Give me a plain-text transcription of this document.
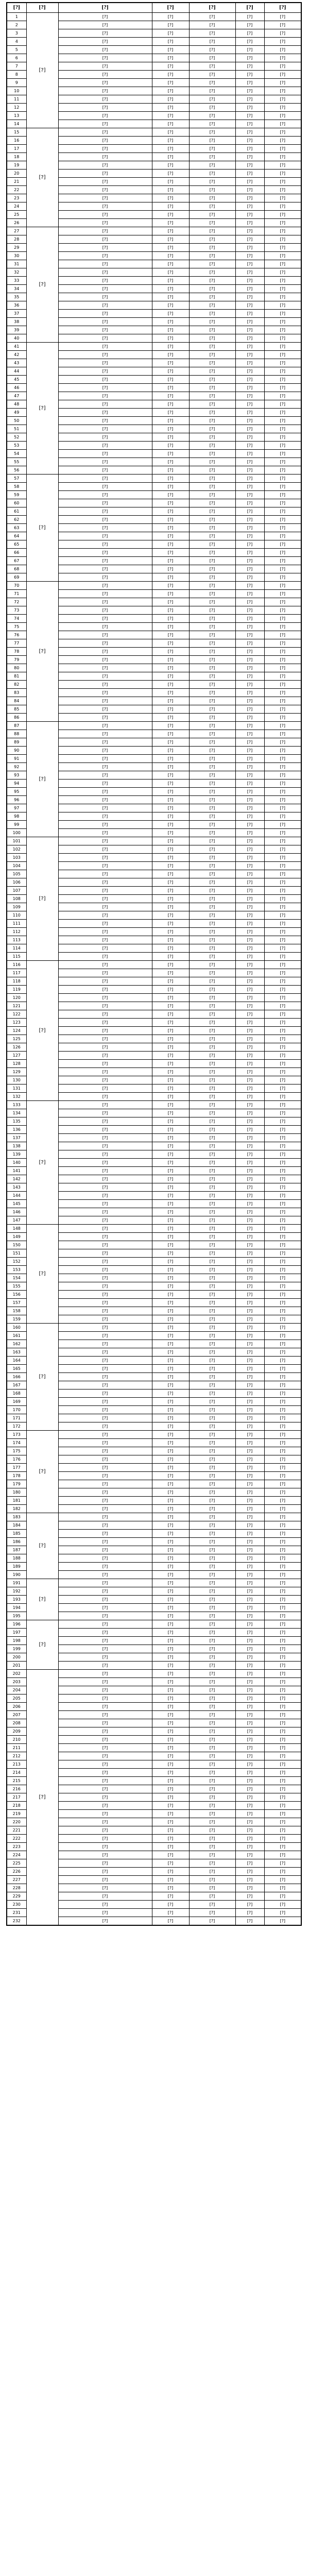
[?]	[?]	[?]	[?]	[?]	[?]	[?]
1	[?]	[?]	[?]	[?]	[?]	[?]
2		[?]	[?]	[?]	[?]	[?]
3		[?]	[?]	[?]	[?]	[?]
4		[?]	[?]	[?]	[?]	[?]
5		[?]	[?]	[?]	[?]	[?]
6		[?]	[?]	[?]	[?]	[?]
7		[?]	[?]	[?]	[?]	[?]
8		[?]	[?]	[?]	[?]	[?]
9		[?]	[?]	[?]	[?]	[?]
10		[?]	[?]	[?]	[?]	[?]
11		[?]	[?]	[?]	[?]	[?]
12		[?]	[?]	[?]	[?]	[?]
13		[?]	[?]	[?]	[?]	[?]
14		[?]	[?]	[?]	[?]	[?]
15	[?]	[?]	[?]	[?]	[?]	[?]
16		[?]	[?]	[?]	[?]	[?]
17		[?]	[?]	[?]	[?]	[?]
18		[?]	[?]	[?]	[?]	[?]
19		[?]	[?]	[?]	[?]	[?]
20		[?]	[?]	[?]	[?]	[?]
21		[?]	[?]	[?]	[?]	[?]
22		[?]	[?]	[?]	[?]	[?]
23		[?]	[?]	[?]	[?]	[?]
24		[?]	[?]	[?]	[?]	[?]
25		[?]	[?]	[?]	[?]	[?]
26		[?]	[?]	[?]	[?]	[?]
27	[?]	[?]	[?]	[?]	[?]	[?]
28		[?]	[?]	[?]	[?]	[?]
29		[?]	[?]	[?]	[?]	[?]
30		[?]	[?]	[?]	[?]	[?]
31		[?]	[?]	[?]	[?]	[?]
32		[?]	[?]	[?]	[?]	[?]
33		[?]	[?]	[?]	[?]	[?]
34		[?]	[?]	[?]	[?]	[?]
35		[?]	[?]	[?]	[?]	[?]
36		[?]	[?]	[?]	[?]	[?]
37		[?]	[?]	[?]	[?]	[?]
38		[?]	[?]	[?]	[?]	[?]
39		[?]	[?]	[?]	[?]	[?]
40		[?]	[?]	[?]	[?]	[?]
41	[?]	[?]	[?]	[?]	[?]	[?]
42		[?]	[?]	[?]	[?]	[?]
43		[?]	[?]	[?]	[?]	[?]
44		[?]	[?]	[?]	[?]	[?]
45		[?]	[?]	[?]	[?]	[?]
46		[?]	[?]	[?]	[?]	[?]
47		[?]	[?]	[?]	[?]	[?]
48		[?]	[?]	[?]	[?]	[?]
49		[?]	[?]	[?]	[?]	[?]
50		[?]	[?]	[?]	[?]	[?]
51		[?]	[?]	[?]	[?]	[?]
52		[?]	[?]	[?]	[?]	[?]
53		[?]	[?]	[?]	[?]	[?]
54		[?]	[?]	[?]	[?]	[?]
55		[?]	[?]	[?]	[?]	[?]
56		[?]	[?]	[?]	[?]	[?]
57	[?]	[?]	[?]	[?]	[?]	[?]
58		[?]	[?]	[?]	[?]	[?]
59		[?]	[?]	[?]	[?]	[?]
60		[?]	[?]	[?]	[?]	[?]
61		[?]	[?]	[?]	[?]	[?]
62		[?]	[?]	[?]	[?]	[?]
63		[?]	[?]	[?]	[?]	[?]
64		[?]	[?]	[?]	[?]	[?]
65		[?]	[?]	[?]	[?]	[?]
66		[?]	[?]	[?]	[?]	[?]
67		[?]	[?]	[?]	[?]	[?]
68		[?]	[?]	[?]	[?]	[?]
69		[?]	[?]	[?]	[?]	[?]
70	[?]	[?]	[?]	[?]	[?]	[?]
71		[?]	[?]	[?]	[?]	[?]
72		[?]	[?]	[?]	[?]	[?]
73		[?]	[?]	[?]	[?]	[?]
74		[?]	[?]	[?]	[?]	[?]
75		[?]	[?]	[?]	[?]	[?]
76		[?]	[?]	[?]	[?]	[?]
77		[?]	[?]	[?]	[?]	[?]
78		[?]	[?]	[?]	[?]	[?]
79		[?]	[?]	[?]	[?]	[?]
80		[?]	[?]	[?]	[?]	[?]
81		[?]	[?]	[?]	[?]	[?]
82		[?]	[?]	[?]	[?]	[?]
83		[?]	[?]	[?]	[?]	[?]
84		[?]	[?]	[?]	[?]	[?]
85		[?]	[?]	[?]	[?]	[?]
86		[?]	[?]	[?]	[?]	[?]
87	[?]	[?]	[?]	[?]	[?]	[?]
88		[?]	[?]	[?]	[?]	[?]
89		[?]	[?]	[?]	[?]	[?]
90		[?]	[?]	[?]	[?]	[?]
91		[?]	[?]	[?]	[?]	[?]
92		[?]	[?]	[?]	[?]	[?]
93		[?]	[?]	[?]	[?]	[?]
94		[?]	[?]	[?]	[?]	[?]
95		[?]	[?]	[?]	[?]	[?]
96		[?]	[?]	[?]	[?]	[?]
97		[?]	[?]	[?]	[?]	[?]
98		[?]	[?]	[?]	[?]	[?]
99		[?]	[?]	[?]	[?]	[?]
100		[?]	[?]	[?]	[?]	[?]
101	[?]	[?]	[?]	[?]	[?]	[?]
102		[?]	[?]	[?]	[?]	[?]
103		[?]	[?]	[?]	[?]	[?]
104		[?]	[?]	[?]	[?]	[?]
105		[?]	[?]	[?]	[?]	[?]
106		[?]	[?]	[?]	[?]	[?]
107		[?]	[?]	[?]	[?]	[?]
108		[?]	[?]	[?]	[?]	[?]
109		[?]	[?]	[?]	[?]	[?]
110		[?]	[?]	[?]	[?]	[?]
111		[?]	[?]	[?]	[?]	[?]
112		[?]	[?]	[?]	[?]	[?]
113		[?]	[?]	[?]	[?]	[?]
114		[?]	[?]	[?]	[?]	[?]
115		[?]	[?]	[?]	[?]	[?]
116	[?]	[?]	[?]	[?]	[?]	[?]
117		[?]	[?]	[?]	[?]	[?]
118		[?]	[?]	[?]	[?]	[?]
119		[?]	[?]	[?]	[?]	[?]
120		[?]	[?]	[?]	[?]	[?]
121		[?]	[?]	[?]	[?]	[?]
122		[?]	[?]	[?]	[?]	[?]
123		[?]	[?]	[?]	[?]	[?]
124		[?]	[?]	[?]	[?]	[?]
125		[?]	[?]	[?]	[?]	[?]
126		[?]	[?]	[?]	[?]	[?]
127		[?]	[?]	[?]	[?]	[?]
128		[?]	[?]	[?]	[?]	[?]
129		[?]	[?]	[?]	[?]	[?]
130		[?]	[?]	[?]	[?]	[?]
131		[?]	[?]	[?]	[?]	[?]
132		[?]	[?]	[?]	[?]	[?]
133	[?]	[?]	[?]	[?]	[?]	[?]
134		[?]	[?]	[?]	[?]	[?]
135		[?]	[?]	[?]	[?]	[?]
136		[?]	[?]	[?]	[?]	[?]
137		[?]	[?]	[?]	[?]	[?]
138		[?]	[?]	[?]	[?]	[?]
139		[?]	[?]	[?]	[?]	[?]
140		[?]	[?]	[?]	[?]	[?]
141		[?]	[?]	[?]	[?]	[?]
142		[?]	[?]	[?]	[?]	[?]
143		[?]	[?]	[?]	[?]	[?]
144		[?]	[?]	[?]	[?]	[?]
145		[?]	[?]	[?]	[?]	[?]
146		[?]	[?]	[?]	[?]	[?]
147		[?]	[?]	[?]	[?]	[?]
148	[?]	[?]	[?]	[?]	[?]	[?]
149		[?]	[?]	[?]	[?]	[?]
150		[?]	[?]	[?]	[?]	[?]
151		[?]	[?]	[?]	[?]	[?]
152		[?]	[?]	[?]	[?]	[?]
153		[?]	[?]	[?]	[?]	[?]
154		[?]	[?]	[?]	[?]	[?]
155		[?]	[?]	[?]	[?]	[?]
156		[?]	[?]	[?]	[?]	[?]
157		[?]	[?]	[?]	[?]	[?]
158		[?]	[?]	[?]	[?]	[?]
159		[?]	[?]	[?]	[?]	[?]
160	[?]	[?]	[?]	[?]	[?]	[?]
161		[?]	[?]	[?]	[?]	[?]
162		[?]	[?]	[?]	[?]	[?]
163		[?]	[?]	[?]	[?]	[?]
164		[?]	[?]	[?]	[?]	[?]
165		[?]	[?]	[?]	[?]	[?]
166		[?]	[?]	[?]	[?]	[?]
167		[?]	[?]	[?]	[?]	[?]
168		[?]	[?]	[?]	[?]	[?]
169		[?]	[?]	[?]	[?]	[?]
170		[?]	[?]	[?]	[?]	[?]
171		[?]	[?]	[?]	[?]	[?]
172		[?]	[?]	[?]	[?]	[?]
173	[?]	[?]	[?]	[?]	[?]	[?]
174		[?]	[?]	[?]	[?]	[?]
175		[?]	[?]	[?]	[?]	[?]
176		[?]	[?]	[?]	[?]	[?]
177		[?]	[?]	[?]	[?]	[?]
178		[?]	[?]	[?]	[?]	[?]
179		[?]	[?]	[?]	[?]	[?]
180		[?]	[?]	[?]	[?]	[?]
181		[?]	[?]	[?]	[?]	[?]
182		[?]	[?]	[?]	[?]	[?]
183	[?]	[?]	[?]	[?]	[?]	[?]
184		[?]	[?]	[?]	[?]	[?]
185		[?]	[?]	[?]	[?]	[?]
186		[?]	[?]	[?]	[?]	[?]
187		[?]	[?]	[?]	[?]	[?]
188		[?]	[?]	[?]	[?]	[?]
189		[?]	[?]	[?]	[?]	[?]
190		[?]	[?]	[?]	[?]	[?]
191	[?]	[?]	[?]	[?]	[?]	[?]
192		[?]	[?]	[?]	[?]	[?]
193		[?]	[?]	[?]	[?]	[?]
194		[?]	[?]	[?]	[?]	[?]
195		[?]	[?]	[?]	[?]	[?]
196	[?]	[?]	[?]	[?]	[?]	[?]
197		[?]	[?]	[?]	[?]	[?]
198		[?]	[?]	[?]	[?]	[?]
199		[?]	[?]	[?]	[?]	[?]
200		[?]	[?]	[?]	[?]	[?]
201		[?]	[?]	[?]	[?]	[?]
202	[?]	[?]	[?]	[?]	[?]	[?]
203		[?]	[?]	[?]	[?]	[?]
204		[?]	[?]	[?]	[?]	[?]
205		[?]	[?]	[?]	[?]	[?]
206		[?]	[?]	[?]	[?]	[?]
207		[?]	[?]	[?]	[?]	[?]
208		[?]	[?]	[?]	[?]	[?]
209		[?]	[?]	[?]	[?]	[?]
210		[?]	[?]	[?]	[?]	[?]
211		[?]	[?]	[?]	[?]	[?]
212		[?]	[?]	[?]	[?]	[?]
213		[?]	[?]	[?]	[?]	[?]
214		[?]	[?]	[?]	[?]	[?]
215		[?]	[?]	[?]	[?]	[?]
216		[?]	[?]	[?]	[?]	[?]
217		[?]	[?]	[?]	[?]	[?]
218		[?]	[?]	[?]	[?]	[?]
219		[?]	[?]	[?]	[?]	[?]
220		[?]	[?]	[?]	[?]	[?]
221		[?]	[?]	[?]	[?]	[?]
222		[?]	[?]	[?]	[?]	[?]
223		[?]	[?]	[?]	[?]	[?]
224		[?]	[?]	[?]	[?]	[?]
225		[?]	[?]	[?]	[?]	[?]
226		[?]	[?]	[?]	[?]	[?]
227		[?]	[?]	[?]	[?]	[?]
228		[?]	[?]	[?]	[?]	[?]
229		[?]	[?]	[?]	[?]	[?]
230		[?]	[?]	[?]	[?]	[?]
231		[?]	[?]	[?]	[?]	[?]
232		[?]	[?]	[?]	[?]	[?]
